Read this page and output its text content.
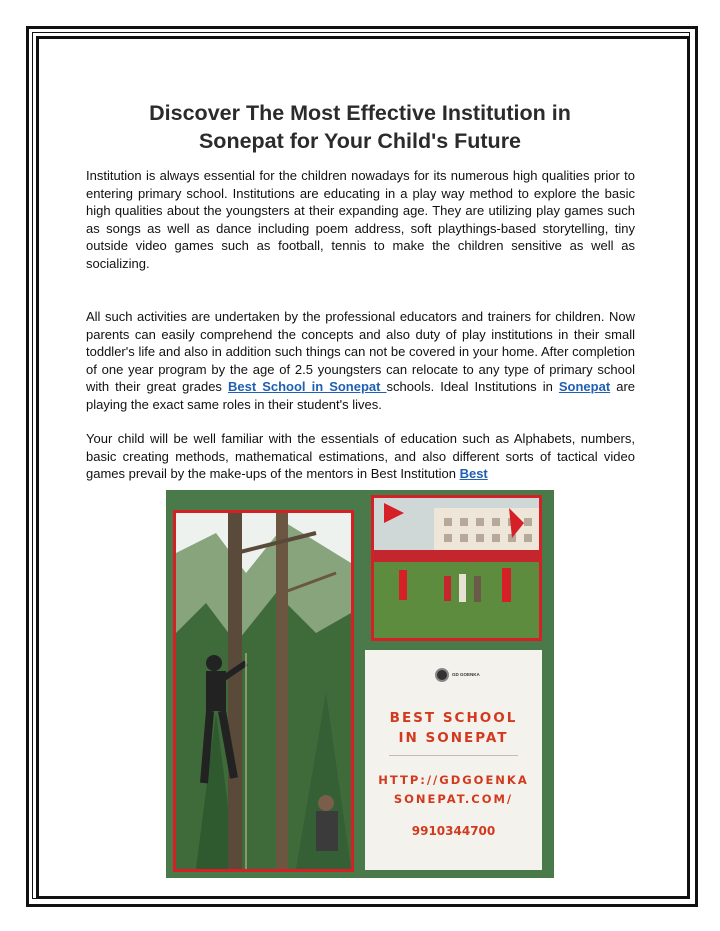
Discover The Most Effective Institution in
Sonepat for Your Child's Future

Institution is always essential for the children nowadays for its numerous high qualities prior to entering primary school. Institutions are educating in a play way method to explore the basic high qualities about the youngsters at their expanding age. They are utilizing play games such as songs as well as dance including poem address, soft playthings-based storytelling, tiny outside video games such as football, tennis to make the children sensitive as well as socializing.

All such activities are undertaken by the professional educators and trainers for children. Now parents can easily comprehend the concepts and also duty of play institutions in their small toddler's life and also in addition such things can not be covered in your home. After completion of one year program by the age of 2.5 youngsters can relocate to any type of primary school with their great grades Best School in Sonepat schools. Ideal Institutions in Sonepat are playing the exact same roles in their student's lives.

Your child will be well familiar with the essentials of education such as Alphabets, numbers, basic creating methods, mathematical estimations, and also different sorts of tactical video games prevail by the make-ups of the mentors in Best Institution Best

GD GOENKA
BEST SCHOOL
IN SONEPAT
HTTP://GDGOENKA
SONEPAT.COM/
9910344700
